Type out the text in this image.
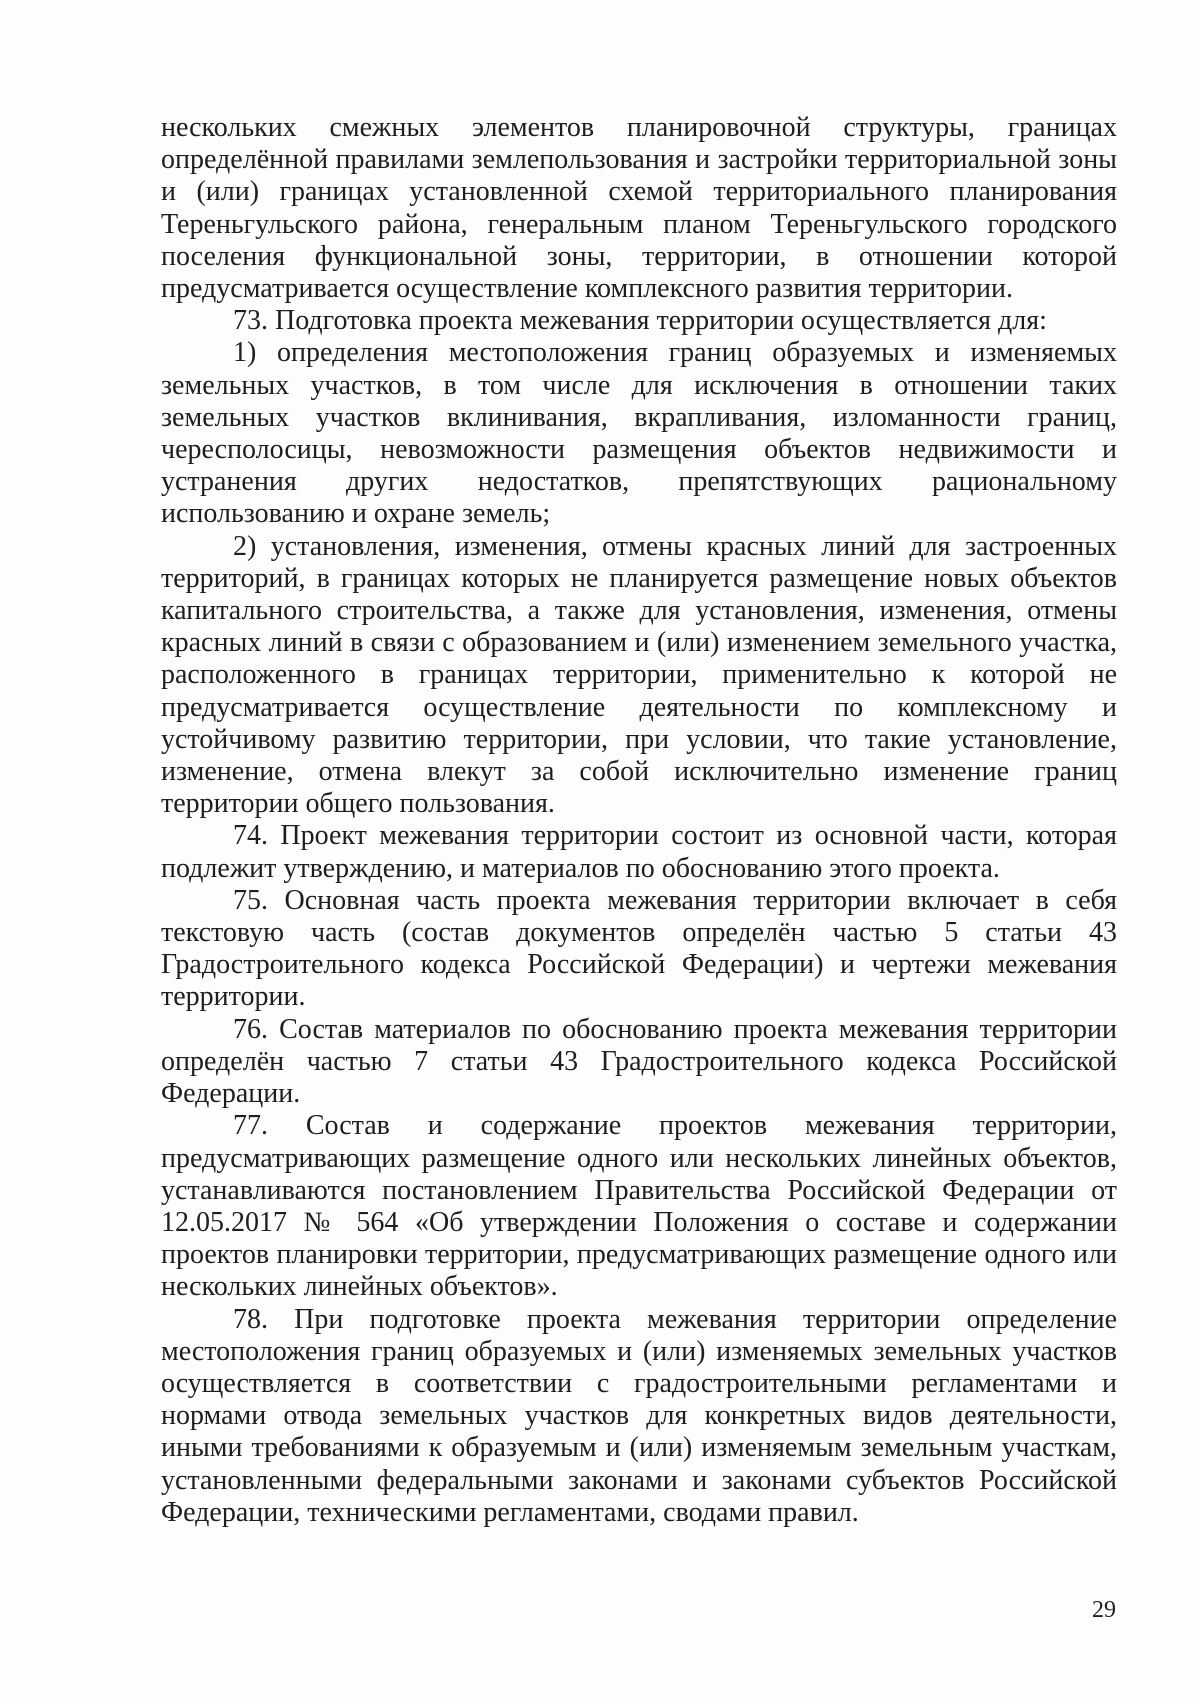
нескольких смежных элементов планировочной структуры, границах определённой правилами землепользования и застройки территориальной зоны и (или) границах установленной схемой территориального планирования Тереньгульского района, генеральным планом Тереньгульского городского поселения функциональной зоны, территории, в отношении которой предусматривается осуществление комплексного развития территории.

73. Подготовка проекта межевания территории осуществляется для:

1) определения местоположения границ образуемых и изменяемых земельных участков, в том числе для исключения в отношении таких земельных участков вклинивания, вкрапливания, изломанности границ, чересполосицы, невозможности размещения объектов недвижимости и устранения других недостатков, препятствующих рациональному использованию и охране земель;

2) установления, изменения, отмены красных линий для застроенных территорий, в границах которых не планируется размещение новых объектов капитального строительства, а также для установления, изменения, отмены красных линий в связи с образованием и (или) изменением земельного участка, расположенного в границах территории, применительно к которой не предусматривается осуществление деятельности по комплексному и устойчивому развитию территории, при условии, что такие установление, изменение, отмена влекут за собой исключительно изменение границ территории общего пользования.

74. Проект межевания территории состоит из основной части, которая подлежит утверждению, и материалов по обоснованию этого проекта.

75. Основная часть проекта межевания территории включает в себя текстовую часть (состав документов определён частью 5 статьи 43 Градостроительного кодекса Российской Федерации) и чертежи межевания территории.

76. Состав материалов по обоснованию проекта межевания территории определён частью 7 статьи 43 Градостроительного кодекса Российской Федерации.

77. Состав и содержание проектов межевания территории, предусматривающих размещение одного или нескольких линейных объектов, устанавливаются постановлением Правительства Российской Федерации от 12.05.2017 № 564 «Об утверждении Положения о составе и содержании проектов планировки территории, предусматривающих размещение одного или нескольких линейных объектов».

78. При подготовке проекта межевания территории определение местоположения границ образуемых и (или) изменяемых земельных участков осуществляется в соответствии с градостроительными регламентами и нормами отвода земельных участков для конкретных видов деятельности, иными требованиями к образуемым и (или) изменяемым земельным участкам, установленными федеральными законами и законами субъектов Российской Федерации, техническими регламентами, сводами правил.

29
